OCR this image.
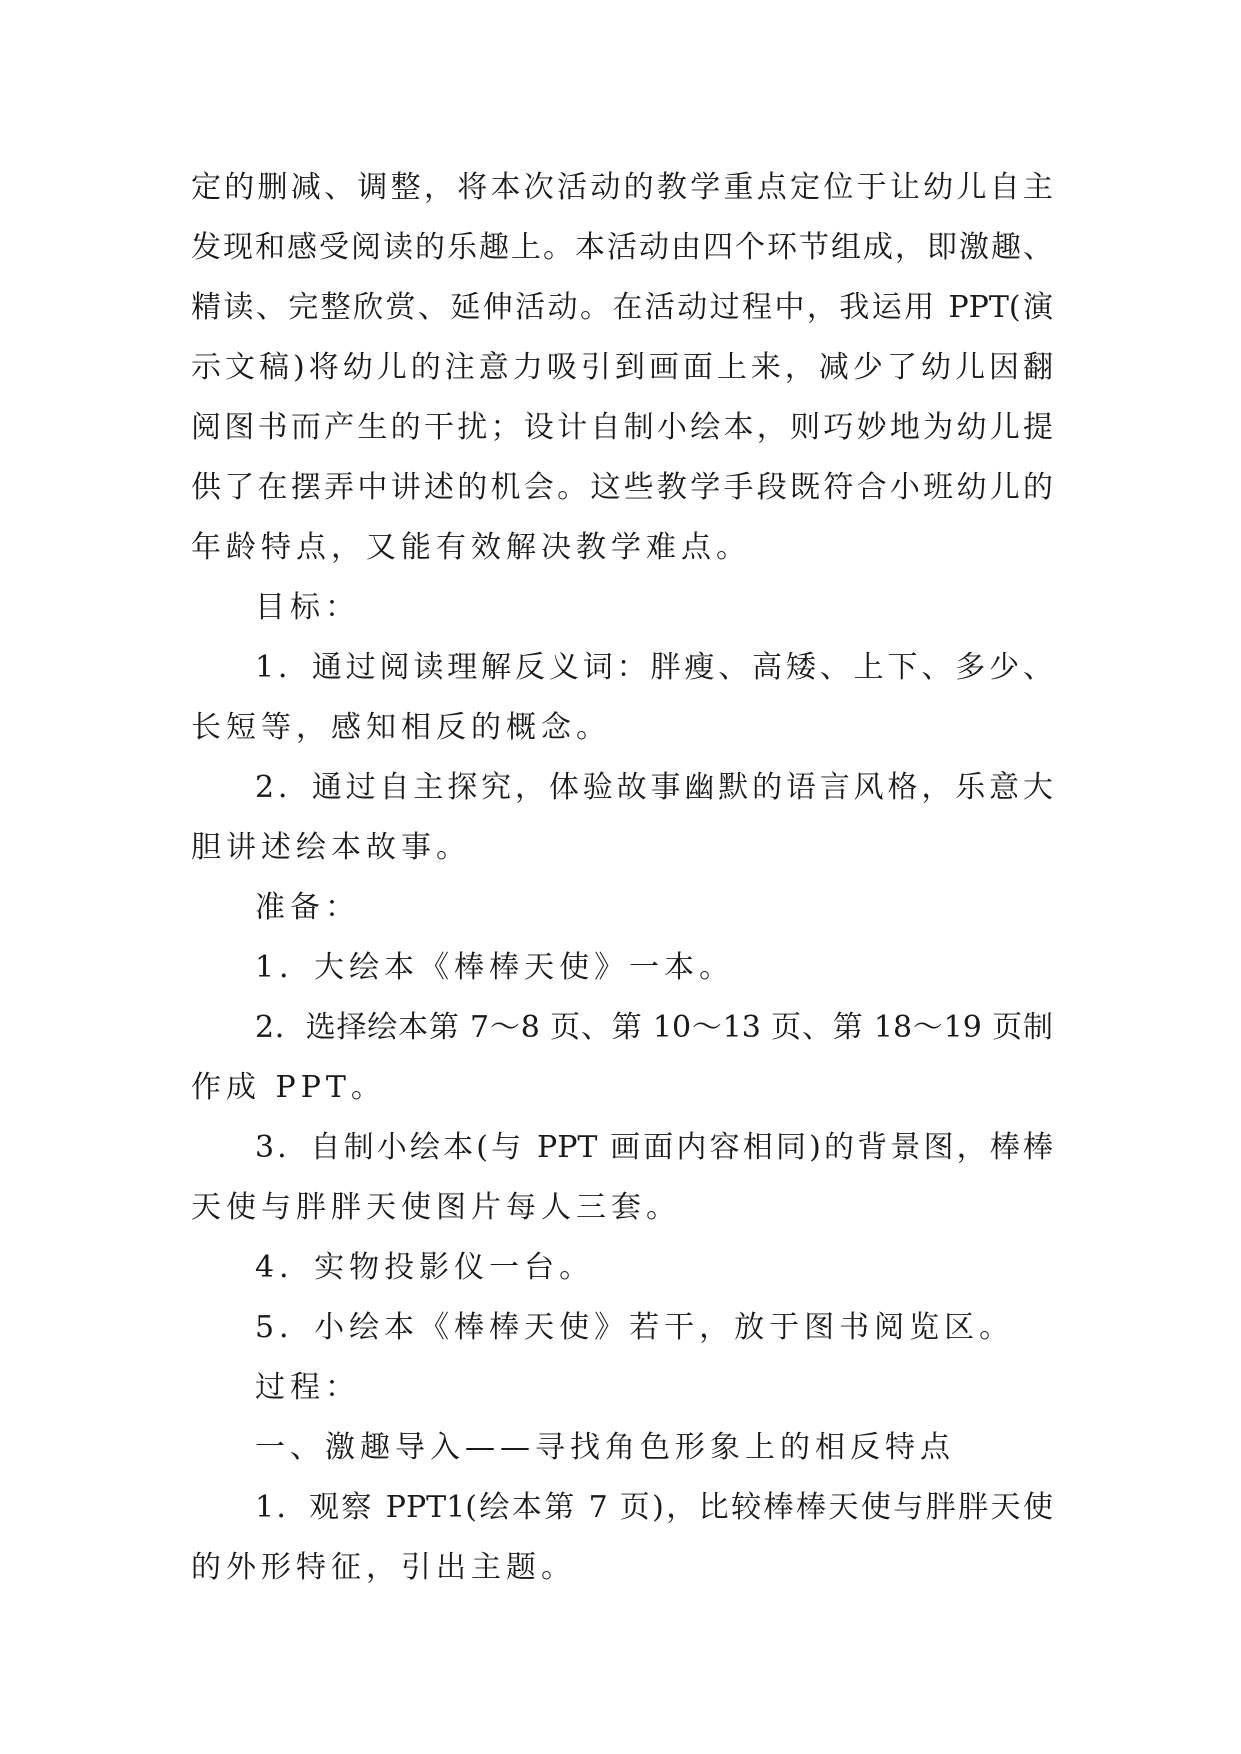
定的删减、调整，将本次活动的教学重点定位于让幼儿自主
发现和感受阅读的乐趣上。本活动由四个环节组成，即激趣、
精读、完整欣赏、延伸活动。在活动过程中，我运用 PPT(演
示文稿)将幼儿的注意力吸引到画面上来，减少了幼儿因翻
阅图书而产生的干扰；设计自制小绘本，则巧妙地为幼儿提
供了在摆弄中讲述的机会。这些教学手段既符合小班幼儿的
年龄特点，又能有效解决教学难点。
目标：
1．通过阅读理解反义词：胖瘦、高矮、上下、多少、
长短等，感知相反的概念。
2．通过自主探究，体验故事幽默的语言风格，乐意大
胆讲述绘本故事。
准备：
1．大绘本《棒棒天使》一本。
2．选择绘本第 7～8 页、第 10～13 页、第 18～19 页制
作成 PPT。
3．自制小绘本(与 PPT 画面内容相同)的背景图，棒棒
天使与胖胖天使图片每人三套。
4．实物投影仪一台。
5．小绘本《棒棒天使》若干，放于图书阅览区。
过程：
一、激趣导入——寻找角色形象上的相反特点
1．观察 PPT1(绘本第 7 页)，比较棒棒天使与胖胖天使
的外形特征，引出主题。
